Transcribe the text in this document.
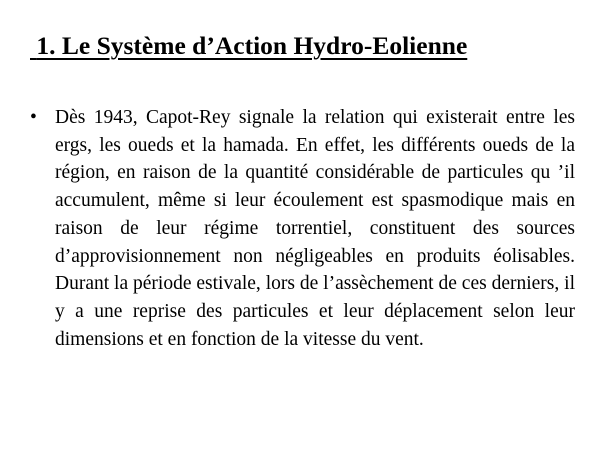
1. Le Système d’Action Hydro-Eolienne
• Dès 1943, Capot-Rey signale la relation qui existerait entre les ergs, les oueds et la hamada. En effet, les différents oueds de la région, en raison de la quantité considérable de particules qu ’il accumulent, même si leur écoulement est spasmodique mais en raison de leur régime torrentiel, constituent des sources d’approvisionnement non négligeables en produits éolisables. Durant la période estivale, lors de l’assèchement de ces derniers, il y a une reprise des particules et leur déplacement selon leur dimensions et en fonction de la vitesse du vent.
